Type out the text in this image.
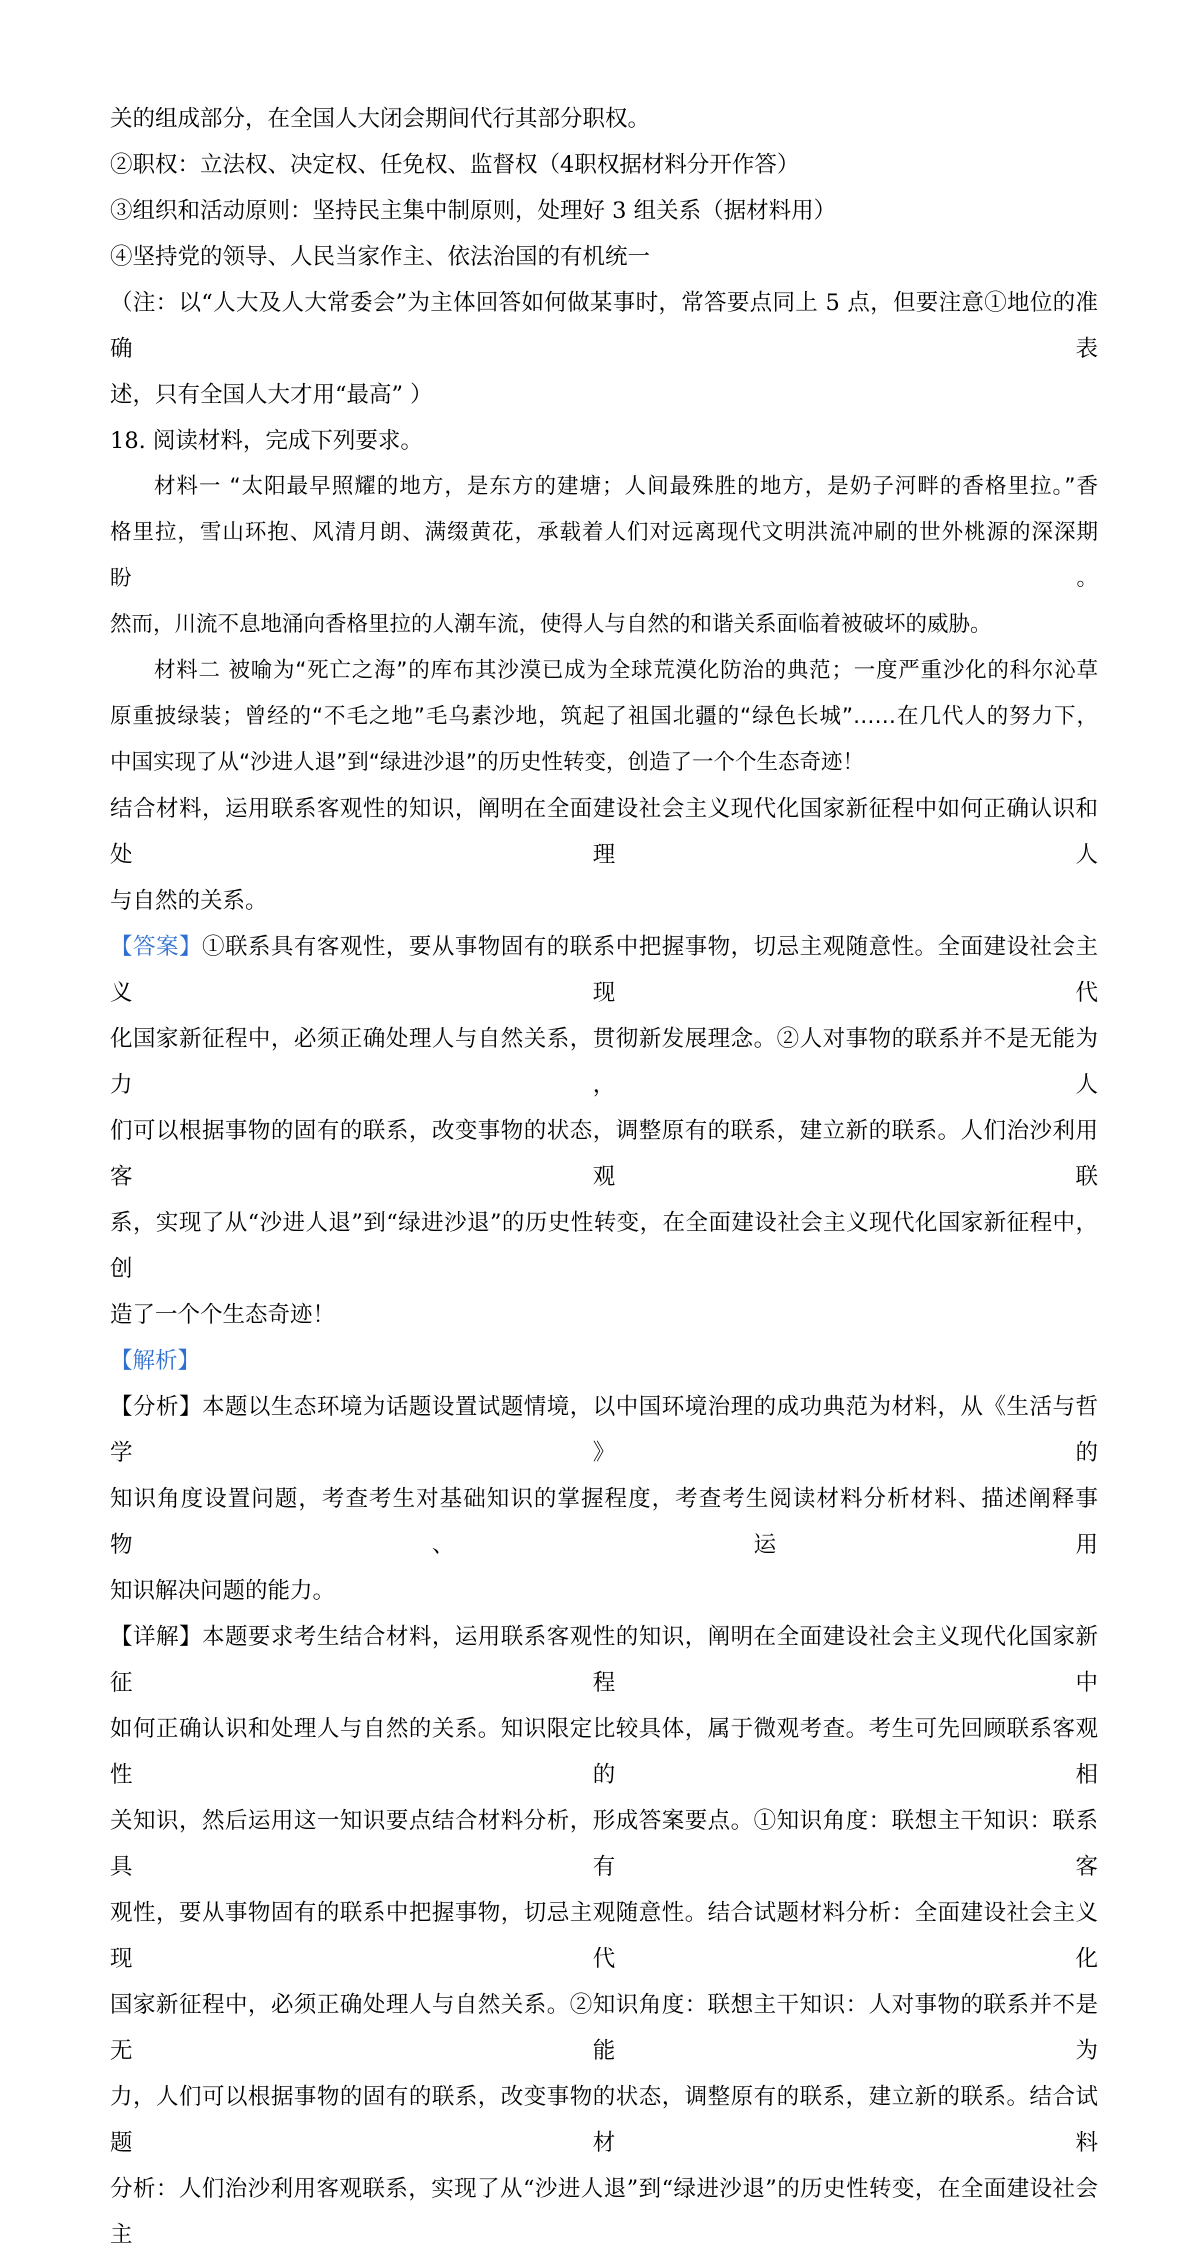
关的组成部分，在全国人大闭会期间代行其部分职权。
②职权：立法权、决定权、任免权、监督权（4职权据材料分开作答）
③组织和活动原则：坚持民主集中制原则，处理好 3 组关系（据材料用）
④坚持党的领导、人民当家作主、依法治国的有机统一
（注：以“人大及人大常委会”为主体回答如何做某事时，常答要点同上 5 点，但要注意①地位的准确表
述，只有全国人大才用“最高” ）
18. 阅读材料，完成下列要求。
材料一 “太阳最早照耀的地方，是东方的建塘；人间最殊胜的地方，是奶子河畔的香格里拉。”香
格里拉，雪山环抱、风清月朗、满缀黄花，承载着人们对远离现代文明洪流冲刷的世外桃源的深深期盼。
然而，川流不息地涌向香格里拉的人潮车流，使得人与自然的和谐关系面临着被破坏的威胁。
材料二 被喻为“死亡之海”的库布其沙漠已成为全球荒漠化防治的典范；一度严重沙化的科尔沁草
原重披绿装；曾经的“不毛之地”毛乌素沙地，筑起了祖国北疆的“绿色长城”……在几代人的努力下，
中国实现了从“沙进人退”到“绿进沙退”的历史性转变，创造了一个个生态奇迹！
结合材料，运用联系客观性的知识，阐明在全面建设社会主义现代化国家新征程中如何正确认识和处理人
与自然的关系。
【答案】①联系具有客观性，要从事物固有的联系中把握事物，切忌主观随意性。全面建设社会主义现代
化国家新征程中，必须正确处理人与自然关系，贯彻新发展理念。②人对事物的联系并不是无能为力，人
们可以根据事物的固有的联系，改变事物的状态，调整原有的联系，建立新的联系。人们治沙利用客观联
系，实现了从“沙进人退”到“绿进沙退”的历史性转变，在全面建设社会主义现代化国家新征程中，创
造了一个个生态奇迹！
【解析】
【分析】本题以生态环境为话题设置试题情境，以中国环境治理的成功典范为材料，从《生活与哲学》的
知识角度设置问题，考查考生对基础知识的掌握程度，考查考生阅读材料分析材料、描述阐释事物、运用
知识解决问题的能力。
【详解】本题要求考生结合材料，运用联系客观性的知识，阐明在全面建设社会主义现代化国家新征程中
如何正确认识和处理人与自然的关系。知识限定比较具体，属于微观考查。考生可先回顾联系客观性的相
关知识，然后运用这一知识要点结合材料分析，形成答案要点。①知识角度：联想主干知识：联系具有客
观性，要从事物固有的联系中把握事物，切忌主观随意性。结合试题材料分析：全面建设社会主义现代化
国家新征程中，必须正确处理人与自然关系。②知识角度：联想主干知识：人对事物的联系并不是无能为
力，人们可以根据事物的固有的联系，改变事物的状态，调整原有的联系，建立新的联系。结合试题材料
分析：人们治沙利用客观联系，实现了从“沙进人退”到“绿进沙退”的历史性转变，在全面建设社会主
